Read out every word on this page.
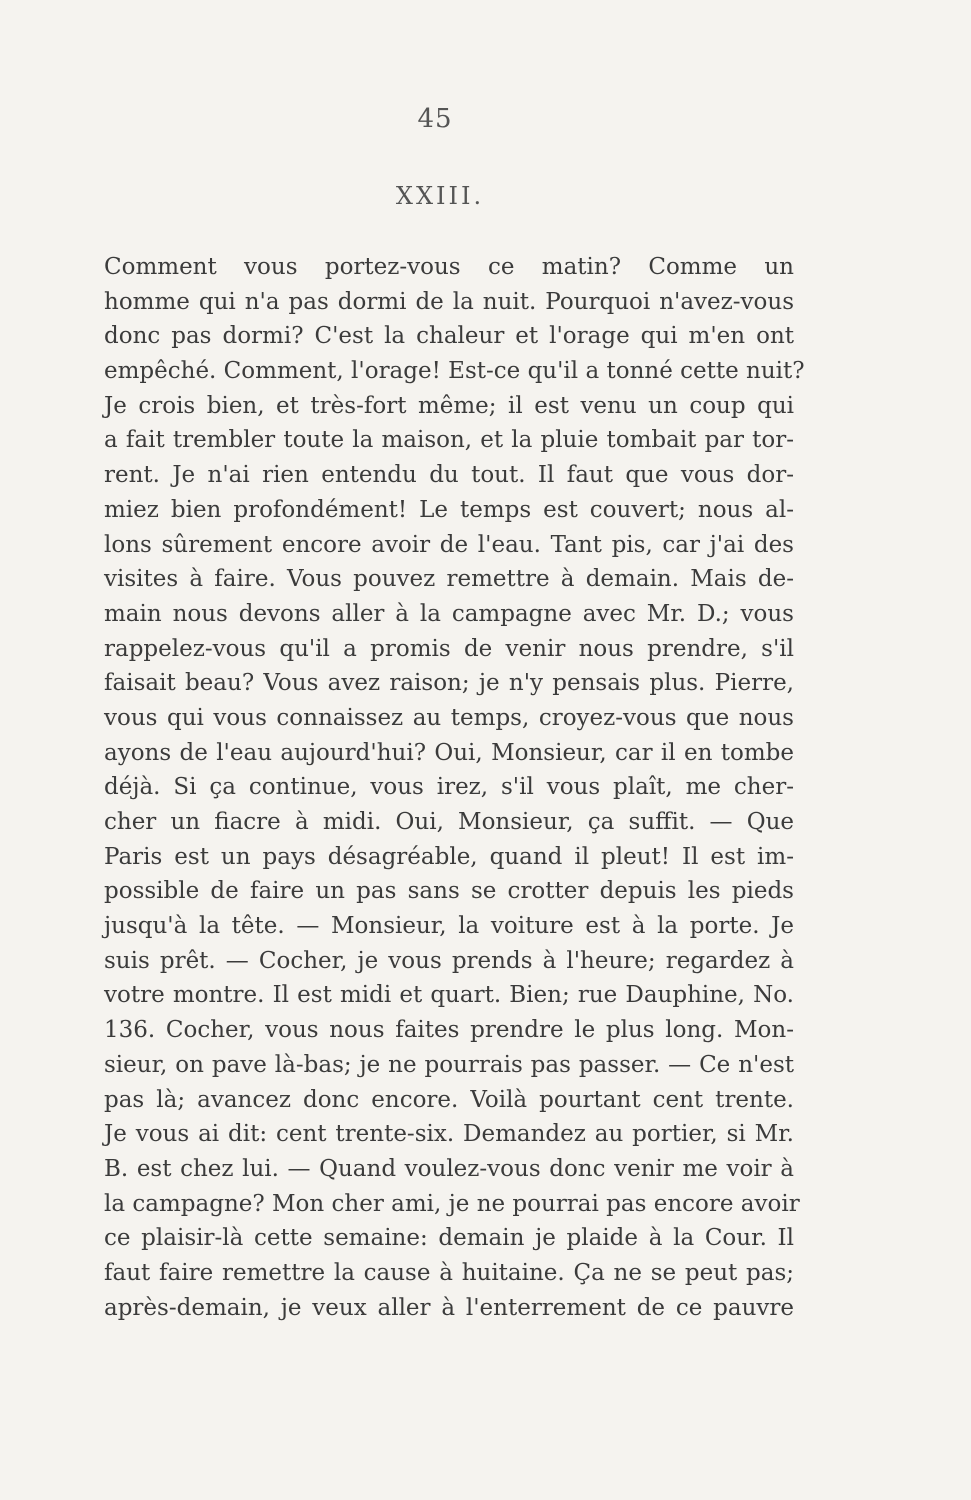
45
XXIII.
Comment vous portez-vous ce matin? Comme un
homme qui n'a pas dormi de la nuit. Pourquoi n'avez-vous
donc pas dormi? C'est la chaleur et l'orage qui m'en ont
empêché. Comment, l'orage! Est-ce qu'il a tonné cette nuit?
Je crois bien, et très-fort même; il est venu un coup qui
a fait trembler toute la maison, et la pluie tombait par tor-
rent. Je n'ai rien entendu du tout. Il faut que vous dor-
miez bien profondément! Le temps est couvert; nous al-
lons sûrement encore avoir de l'eau. Tant pis, car j'ai des
visites à faire. Vous pouvez remettre à demain. Mais de-
main nous devons aller à la campagne avec Mr. D.; vous
rappelez-vous qu'il a promis de venir nous prendre, s'il
faisait beau? Vous avez raison; je n'y pensais plus. Pierre,
vous qui vous connaissez au temps, croyez-vous que nous
ayons de l'eau aujourd'hui? Oui, Monsieur, car il en tombe
déjà. Si ça continue, vous irez, s'il vous plaît, me cher-
cher un fiacre à midi. Oui, Monsieur, ça suffit. — Que
Paris est un pays désagréable, quand il pleut! Il est im-
possible de faire un pas sans se crotter depuis les pieds
jusqu'à la tête. — Monsieur, la voiture est à la porte. Je
suis prêt. — Cocher, je vous prends à l'heure; regardez à
votre montre. Il est midi et quart. Bien; rue Dauphine, No.
136. Cocher, vous nous faites prendre le plus long. Mon-
sieur, on pave là-bas; je ne pourrais pas passer. — Ce n'est
pas là; avancez donc encore. Voilà pourtant cent trente.
Je vous ai dit: cent trente-six. Demandez au portier, si Mr.
B. est chez lui. — Quand voulez-vous donc venir me voir à
la campagne? Mon cher ami, je ne pourrai pas encore avoir
ce plaisir-là cette semaine: demain je plaide à la Cour. Il
faut faire remettre la cause à huitaine. Ça ne se peut pas;
après-demain, je veux aller à l'enterrement de ce pauvre
